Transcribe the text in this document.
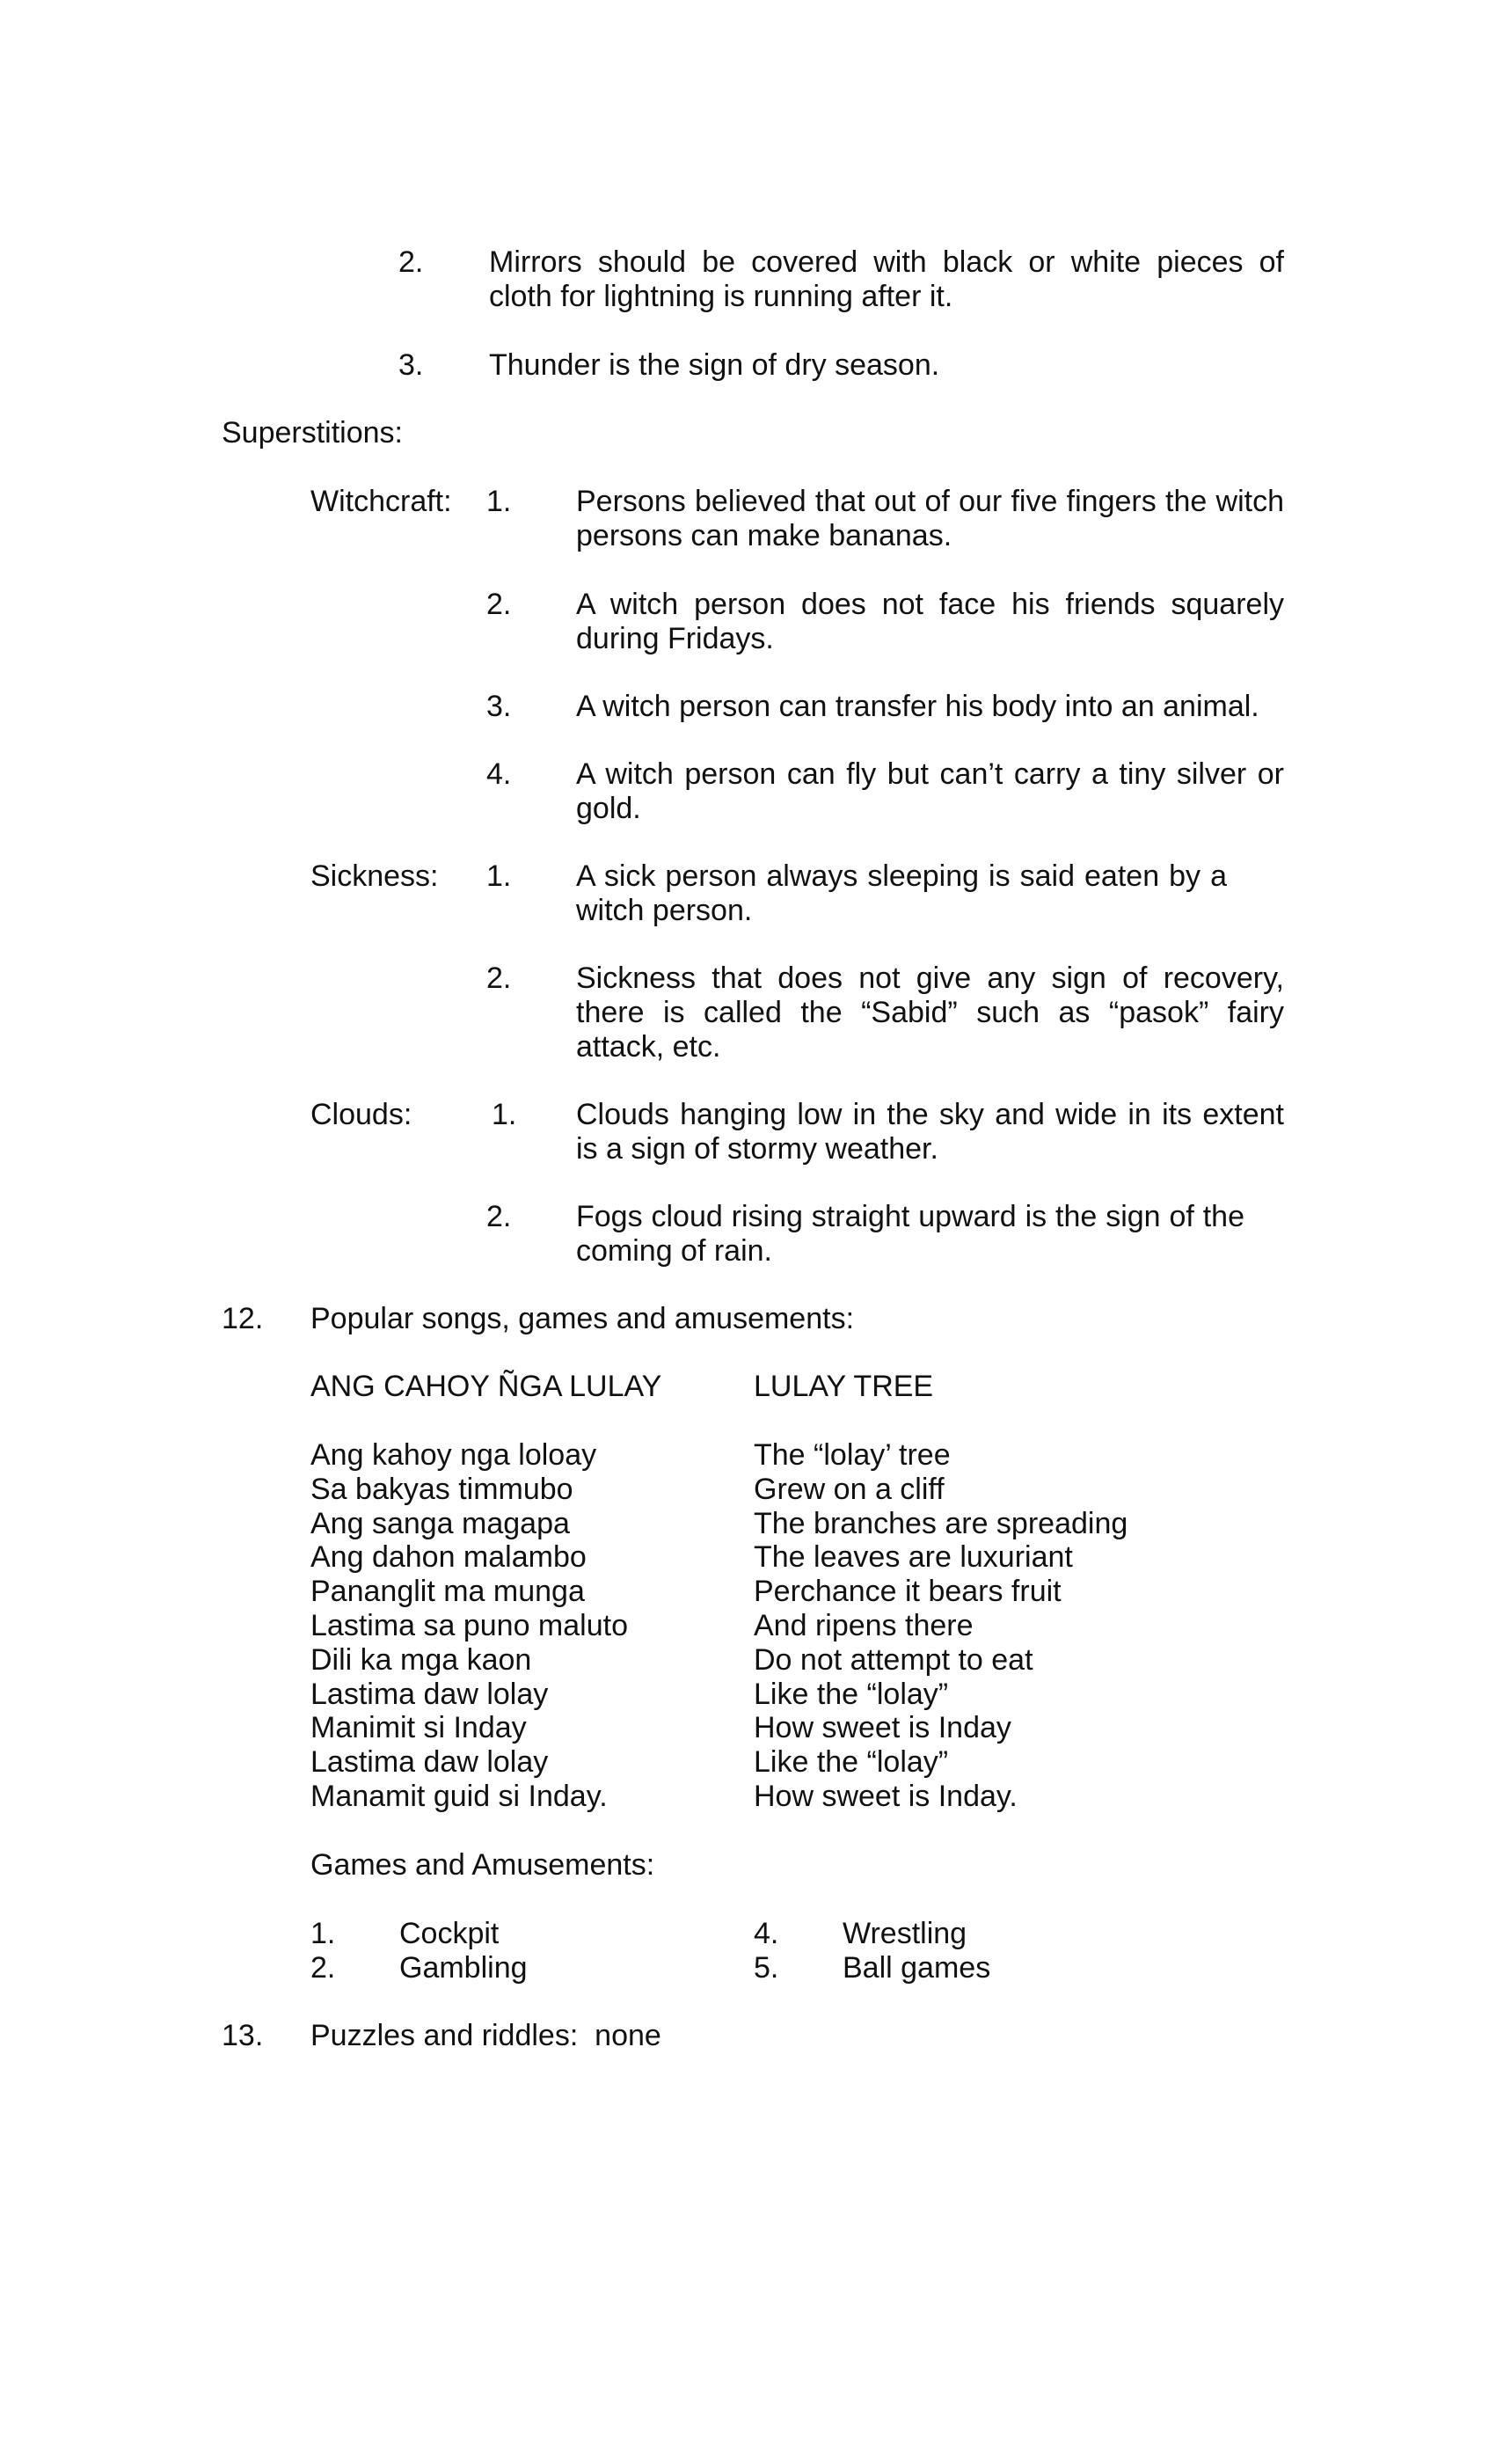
2. Mirrors should be covered with black or white pieces of cloth for lightning is running after it.
3. Thunder is the sign of dry season.
Superstitions:
Witchcraft: 1. Persons believed that out of our five fingers the witch persons can make bananas.
2. A witch person does not face his friends squarely during Fridays.
3. A witch person can transfer his body into an animal.
4. A witch person can fly but can’t carry a tiny silver or gold.
Sickness: 1. A sick person always sleeping is said eaten by a witch person.
2. Sickness that does not give any sign of recovery, there is called the “Sabid” such as “pasok” fairy attack, etc.
Clouds:	1. Clouds hanging low in the sky and wide in its extent is a sign of stormy weather.
2. Fogs cloud rising straight upward is the sign of the coming of rain.
12. Popular songs, games and amusements:
ANG CAHOY ÑGA LULAY	LULAY TREE
Ang kahoy nga loloay
Sa bakyas timmubo
Ang sanga magapa
Ang dahon malambo
Pananglit ma munga
Lastima sa puno maluto
Dili ka mga kaon
Lastima daw lolay
Manimit si Inday
Lastima daw lolay
Manamit guid si Inday.
The “lolay’ tree
Grew on a cliff
The branches are spreading
The leaves are luxuriant
Perchance it bears fruit
And ripens there
Do not attempt to eat
Like the “lolay”
How sweet is Inday
Like the “lolay”
How sweet is Inday.
Games and Amusements:
1. Cockpit
2. Gambling
4. Wrestling
5. Ball games
13. Puzzles and riddles:  none
